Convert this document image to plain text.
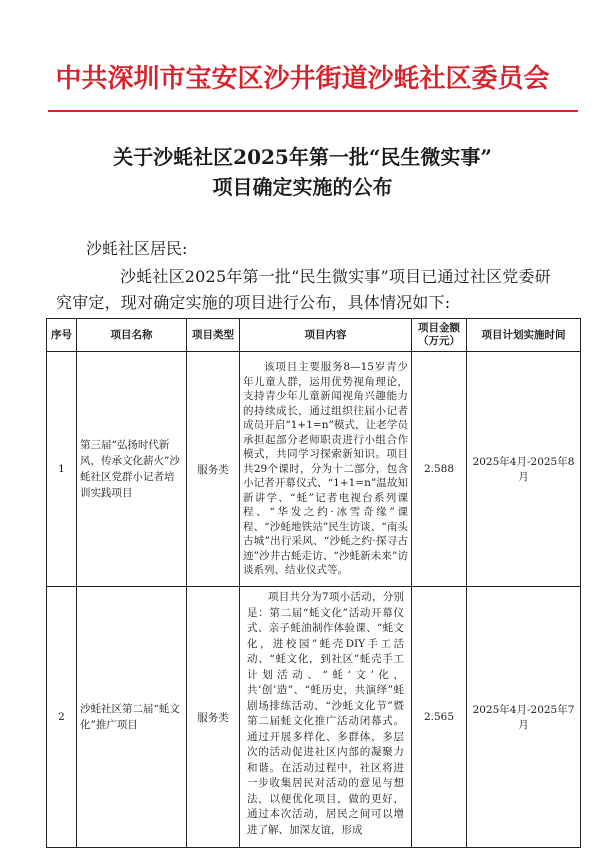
中共深圳市宝安区沙井街道沙蚝社区委员会
关于沙蚝社区2025年第一批“民生微实事”
项目确定实施的公布
沙蚝社区居民:
沙蚝社区2025年第一批“民生微实事”项目已通过社区党委研究审定，现对确定实施的项目进行公布，具体情况如下:
序号	项目名称	项目类型	项目内容	项目金额（万元）	项目计划实施时间
1	第三届“弘扬时代新风，传承文化薪火”沙蚝社区党群小记者培训实践项目	服务类	该项目主要服务8—15岁青少年儿童人群，运用优势视角理论，支持青少年儿童新闻视角兴趣能力的持续成长，通过组织往届小记者成员开启“1+1=n”模式，让老学员承担起部分老师职责进行小组合作模式，共同学习探索新知识。项目共29个课时，分为十二部分，包含小记者开幕仪式、“1+1=n”温故知新讲学、“蚝”记者电视台系列课程、“华发之约·冰雪奇缘”课程、“沙蚝地铁站”民生访谈、“南头古城”出行采风、“沙蚝之约·探寻古迹”沙井古蚝走访、“沙蚝新未来”访谈系列、结业仪式等。	2.588	2025年4月-2025年8月
2	沙蚝社区第二届“蚝文化”推广项目	服务类	项目共分为7项小活动，分别是：第二届“蚝文化”活动开幕仪式、亲子蚝油制作体验课、“蚝文化，进校园”蚝壳DIY手工活动、“蚝文化，到社区”蚝壳手工计划活动、“蚝‘文’化，共‘创’造”、“蚝历史，共演绎”蚝剧场排练活动、“沙蚝文化节”暨第二届蚝文化推广活动闭幕式。通过开展多样化、多群体、多层次的活动促进社区内部的凝聚力和谐。在活动过程中，社区将进一步收集居民对活动的意见与想法，以便优化项目，做的更好，通过本次活动，居民之间可以增进了解、加深友谊，形成	2.565	2025年4月-2025年7月
